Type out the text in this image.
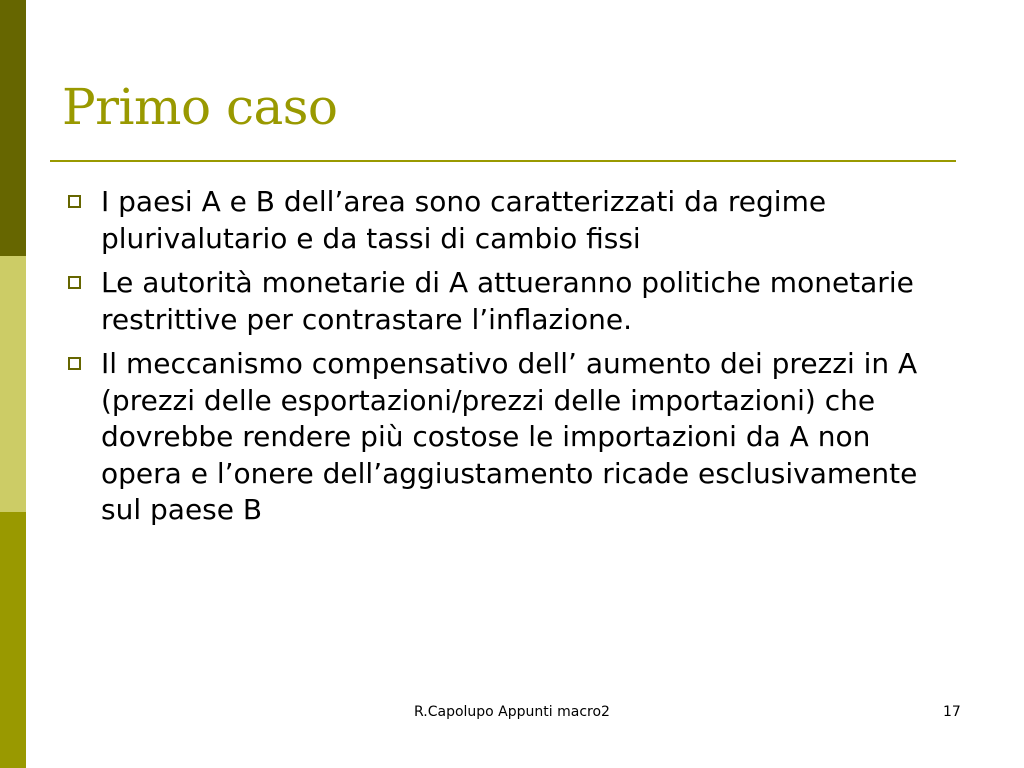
Primo caso
I paesi A e B dell’area sono caratterizzati da regime plurivalutario e da tassi di cambio fissi
Le autorità monetarie di A attueranno politiche monetarie restrittive per contrastare l’inflazione.
Il meccanismo compensativo dell’ aumento dei prezzi in A (prezzi delle esportazioni/prezzi delle importazioni) che dovrebbe rendere più costose le importazioni da A non opera e l’onere dell’aggiustamento ricade esclusivamente sul paese B
R.Capolupo Appunti macro2	17
